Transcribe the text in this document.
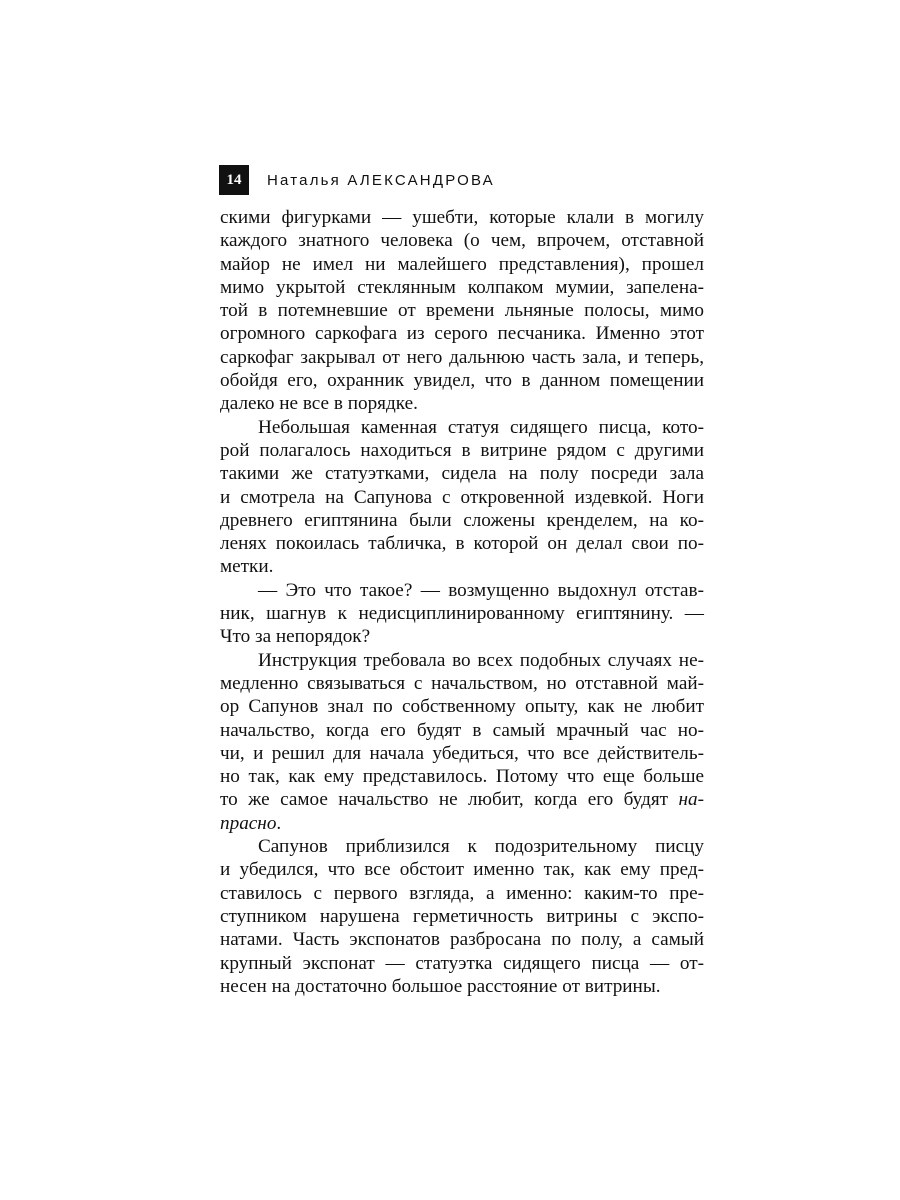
14	Наталья АЛЕКСАНДРОВА
скими фигурками — ушебти, которые клали в могилу
каждого знатного человека (о чем, впрочем, отставной
майор не имел ни малейшего представления), прошел
мимо укрытой стеклянным колпаком мумии, запелена-
той в потемневшие от времени льняные полосы, мимо
огромного саркофага из серого песчаника. Именно этот
саркофаг закрывал от него дальнюю часть зала, и теперь,
обойдя его, охранник увидел, что в данном помещении
далеко не все в порядке.
Небольшая каменная статуя сидящего писца, кото-
рой полагалось находиться в витрине рядом с другими
такими же статуэтками, сидела на полу посреди зала
и смотрела на Сапунова с откровенной издевкой. Ноги
древнего египтянина были сложены кренделем, на ко-
ленях покоилась табличка, в которой он делал свои по-
метки.
— Это что такое? — возмущенно выдохнул отстав-
ник, шагнув к недисциплинированному египтянину. —
Что за непорядок?
Инструкция требовала во всех подобных случаях не-
медленно связываться с начальством, но отставной май-
ор Сапунов знал по собственному опыту, как не любит
начальство, когда его будят в самый мрачный час но-
чи, и решил для начала убедиться, что все действитель-
но так, как ему представилось. Потому что еще больше
то же самое начальство не любит, когда его будят на-
прасно.
Сапунов приблизился к подозрительному писцу
и убедился, что все обстоит именно так, как ему пред-
ставилось с первого взгляда, а именно: каким-то пре-
ступником нарушена герметичность витрины с экспо-
натами. Часть экспонатов разбросана по полу, а самый
крупный экспонат — статуэтка сидящего писца — от-
несен на достаточно большое расстояние от витрины.
